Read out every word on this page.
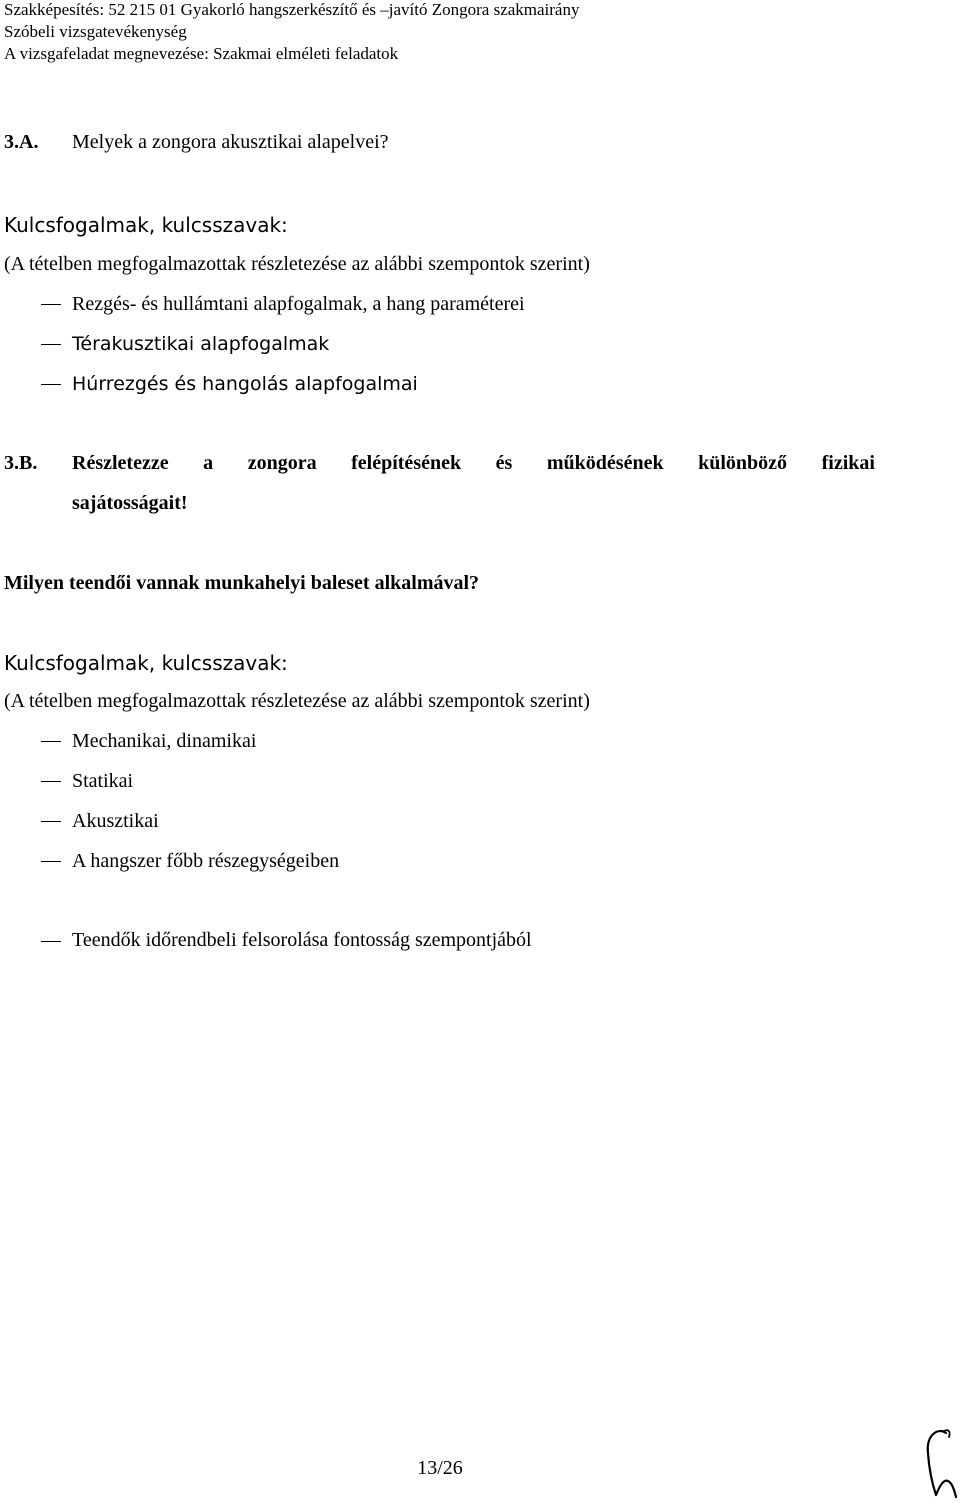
Szakképesítés: 52 215 01 Gyakorló hangszerkészítő és –javító Zongora szakmairány
Szóbeli vizsgatevékenység
A vizsgafeladat megnevezése: Szakmai elméleti feladatok
3.A. Melyek a zongora akusztikai alapelvei?
Kulcsfogalmak, kulcsszavak:
(A tételben megfogalmazottak részletezése az alábbi szempontok szerint)
Rezgés- és hullámtani alapfogalmak, a hang paraméterei
Térakusztikai alapfogalmak
Húrrezgés és hangolás alapfogalmai
3.B. Részletezze a zongora felépítésének és működésének különböző fizikai
sajátosságait!
Milyen teendői vannak munkahelyi baleset alkalmával?
Kulcsfogalmak, kulcsszavak:
(A tételben megfogalmazottak részletezése az alábbi szempontok szerint)
Mechanikai, dinamikai
Statikai
Akusztikai
A hangszer főbb részegységeiben
Teendők időrendbeli felsorolása fontosság szempontjából
13/26
